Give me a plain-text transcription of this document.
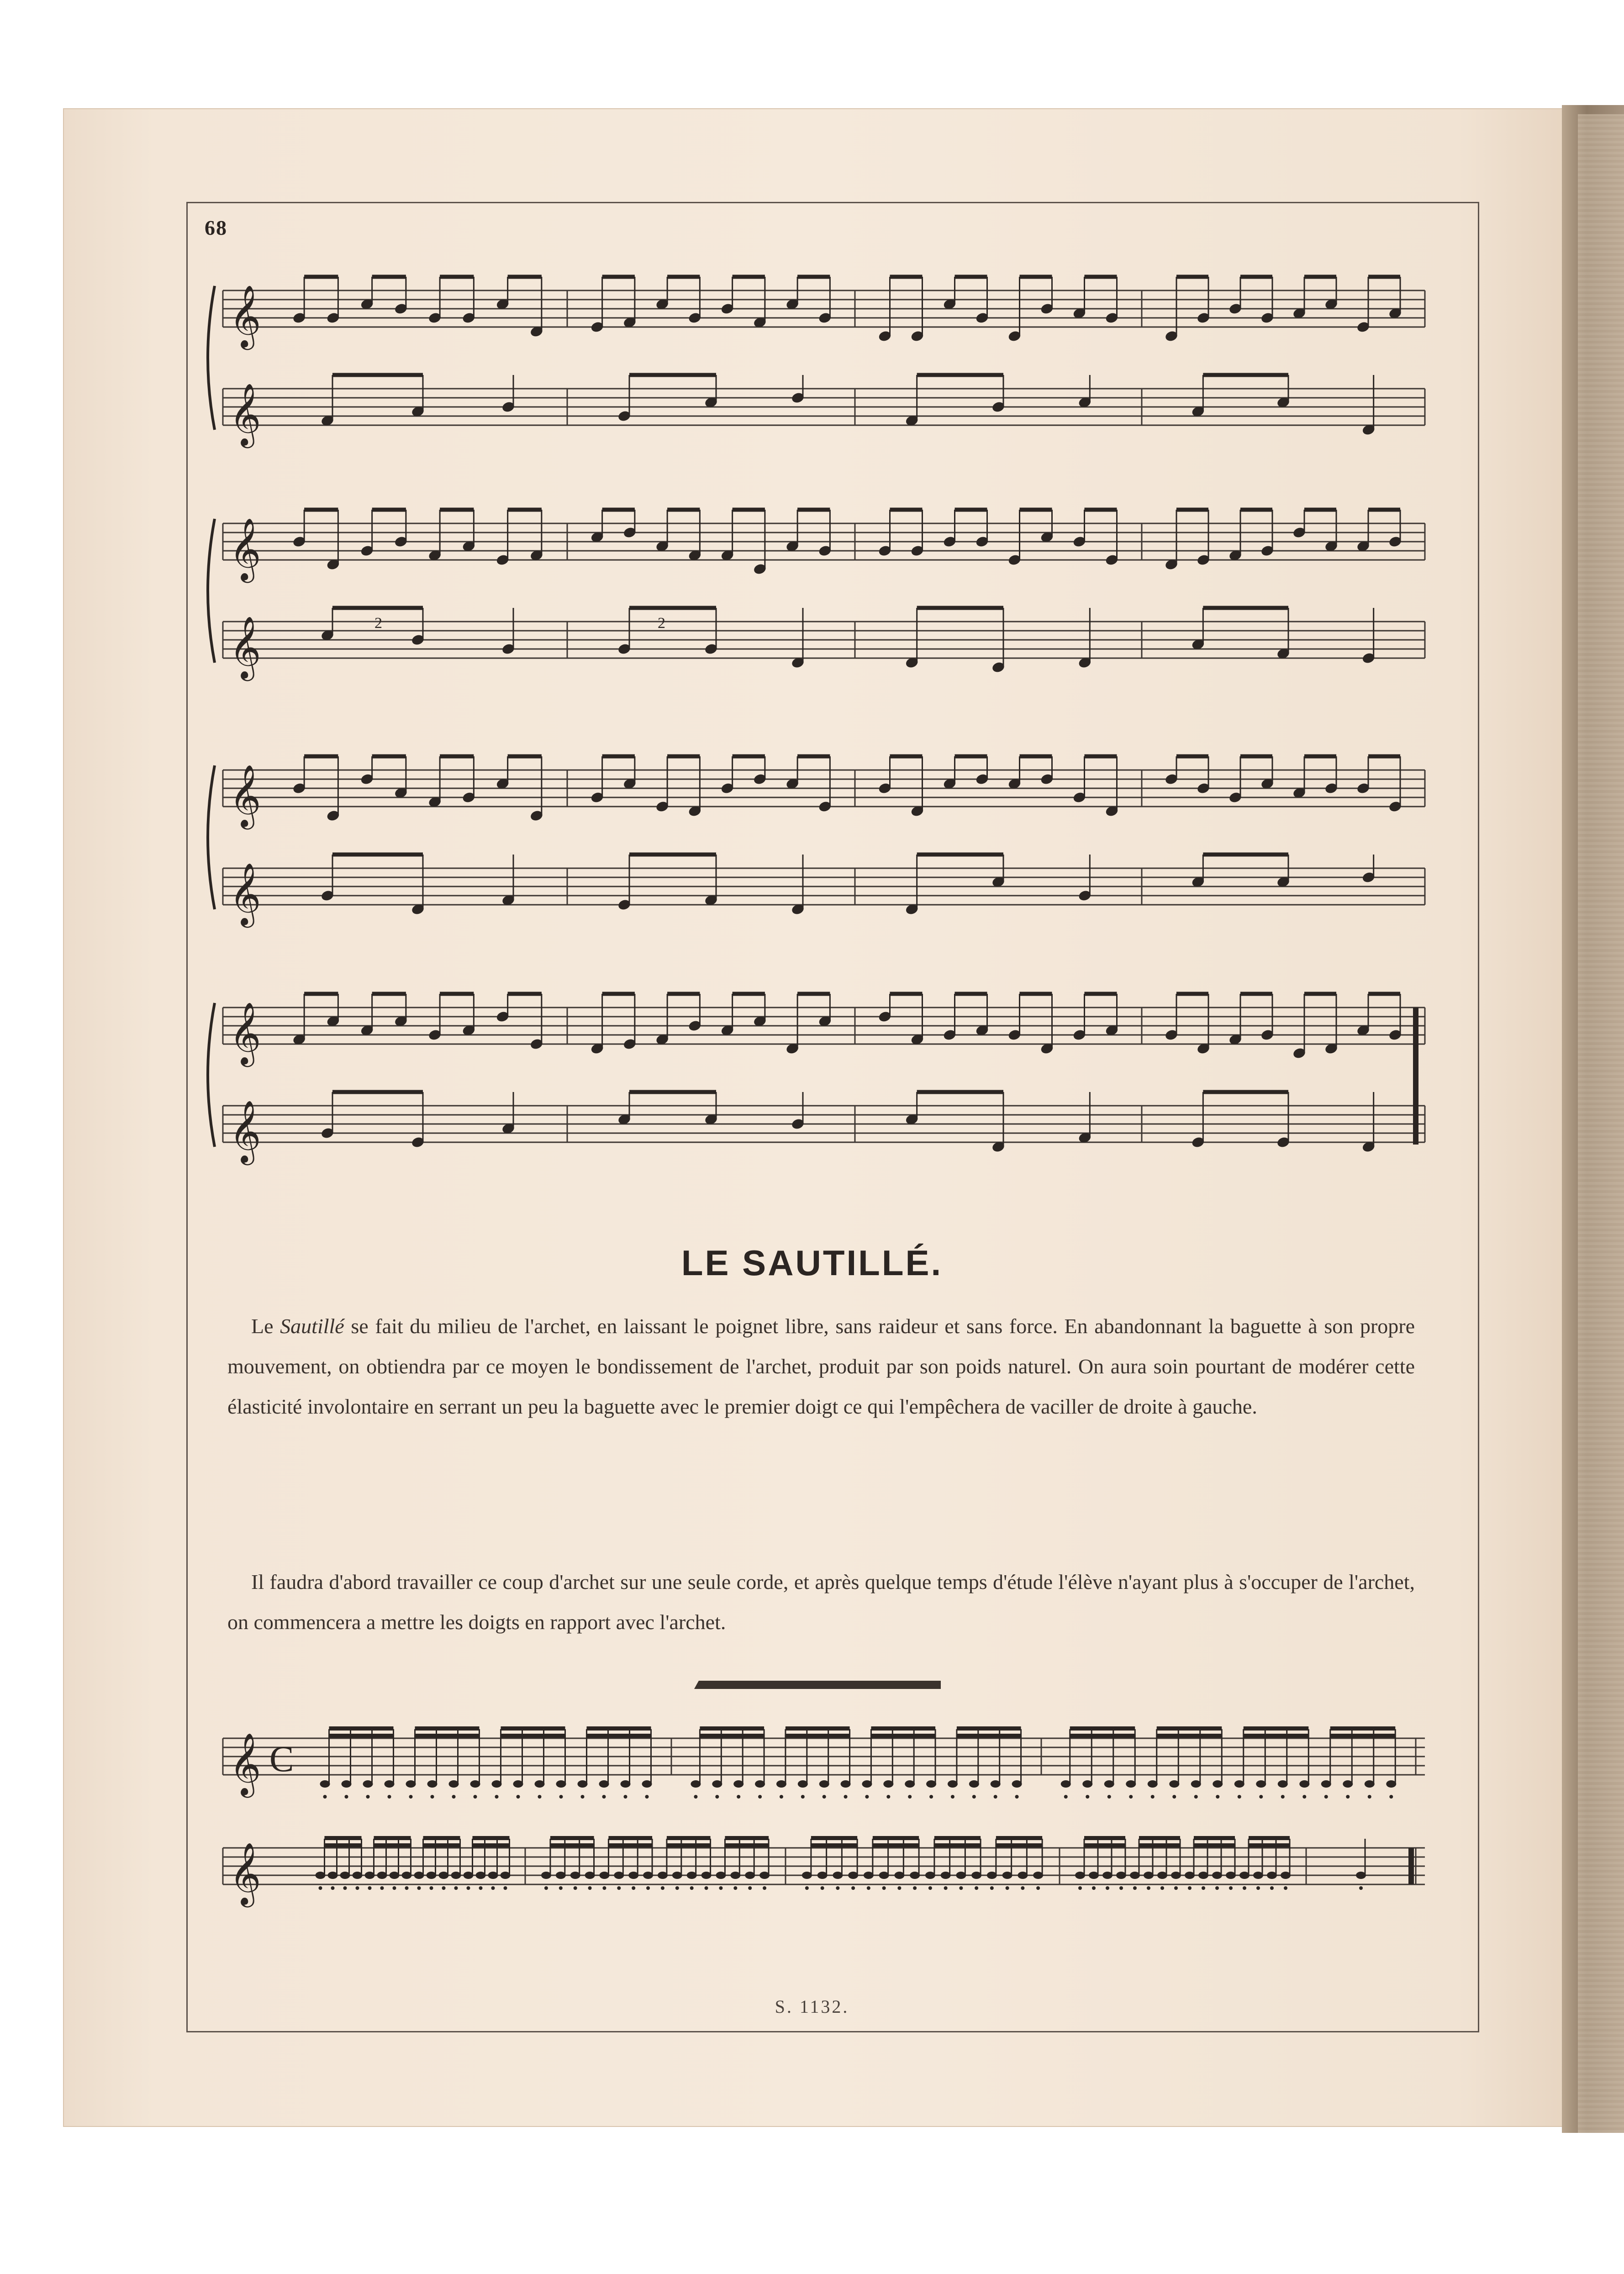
68
𝄞
𝄞
𝄞
𝄞
𝄞
𝄞
𝄞
𝄞
𝄞 C
𝄞
2	2
LE SAUTILLÉ.

Le Sautillé se fait du milieu de l'archet, en laissant le poignet libre, sans raideur et sans force. En abandonnant la baguette à son propre mouvement, on obtiendra par ce moyen le bondissement de l'archet, produit par son poids naturel. On aura soin pourtant de modérer cette élasticité involontaire en serrant un peu la baguette avec le premier doigt ce qui l'empêchera de vaciller de droite à gauche.

Il faudra d'abord travailler ce coup d'archet sur une seule corde, et après quelque temps d'étude l'élève n'ayant plus à s'occuper de l'archet, on commencera a mettre les doigts en rapport avec l'archet.

S. 1132.
